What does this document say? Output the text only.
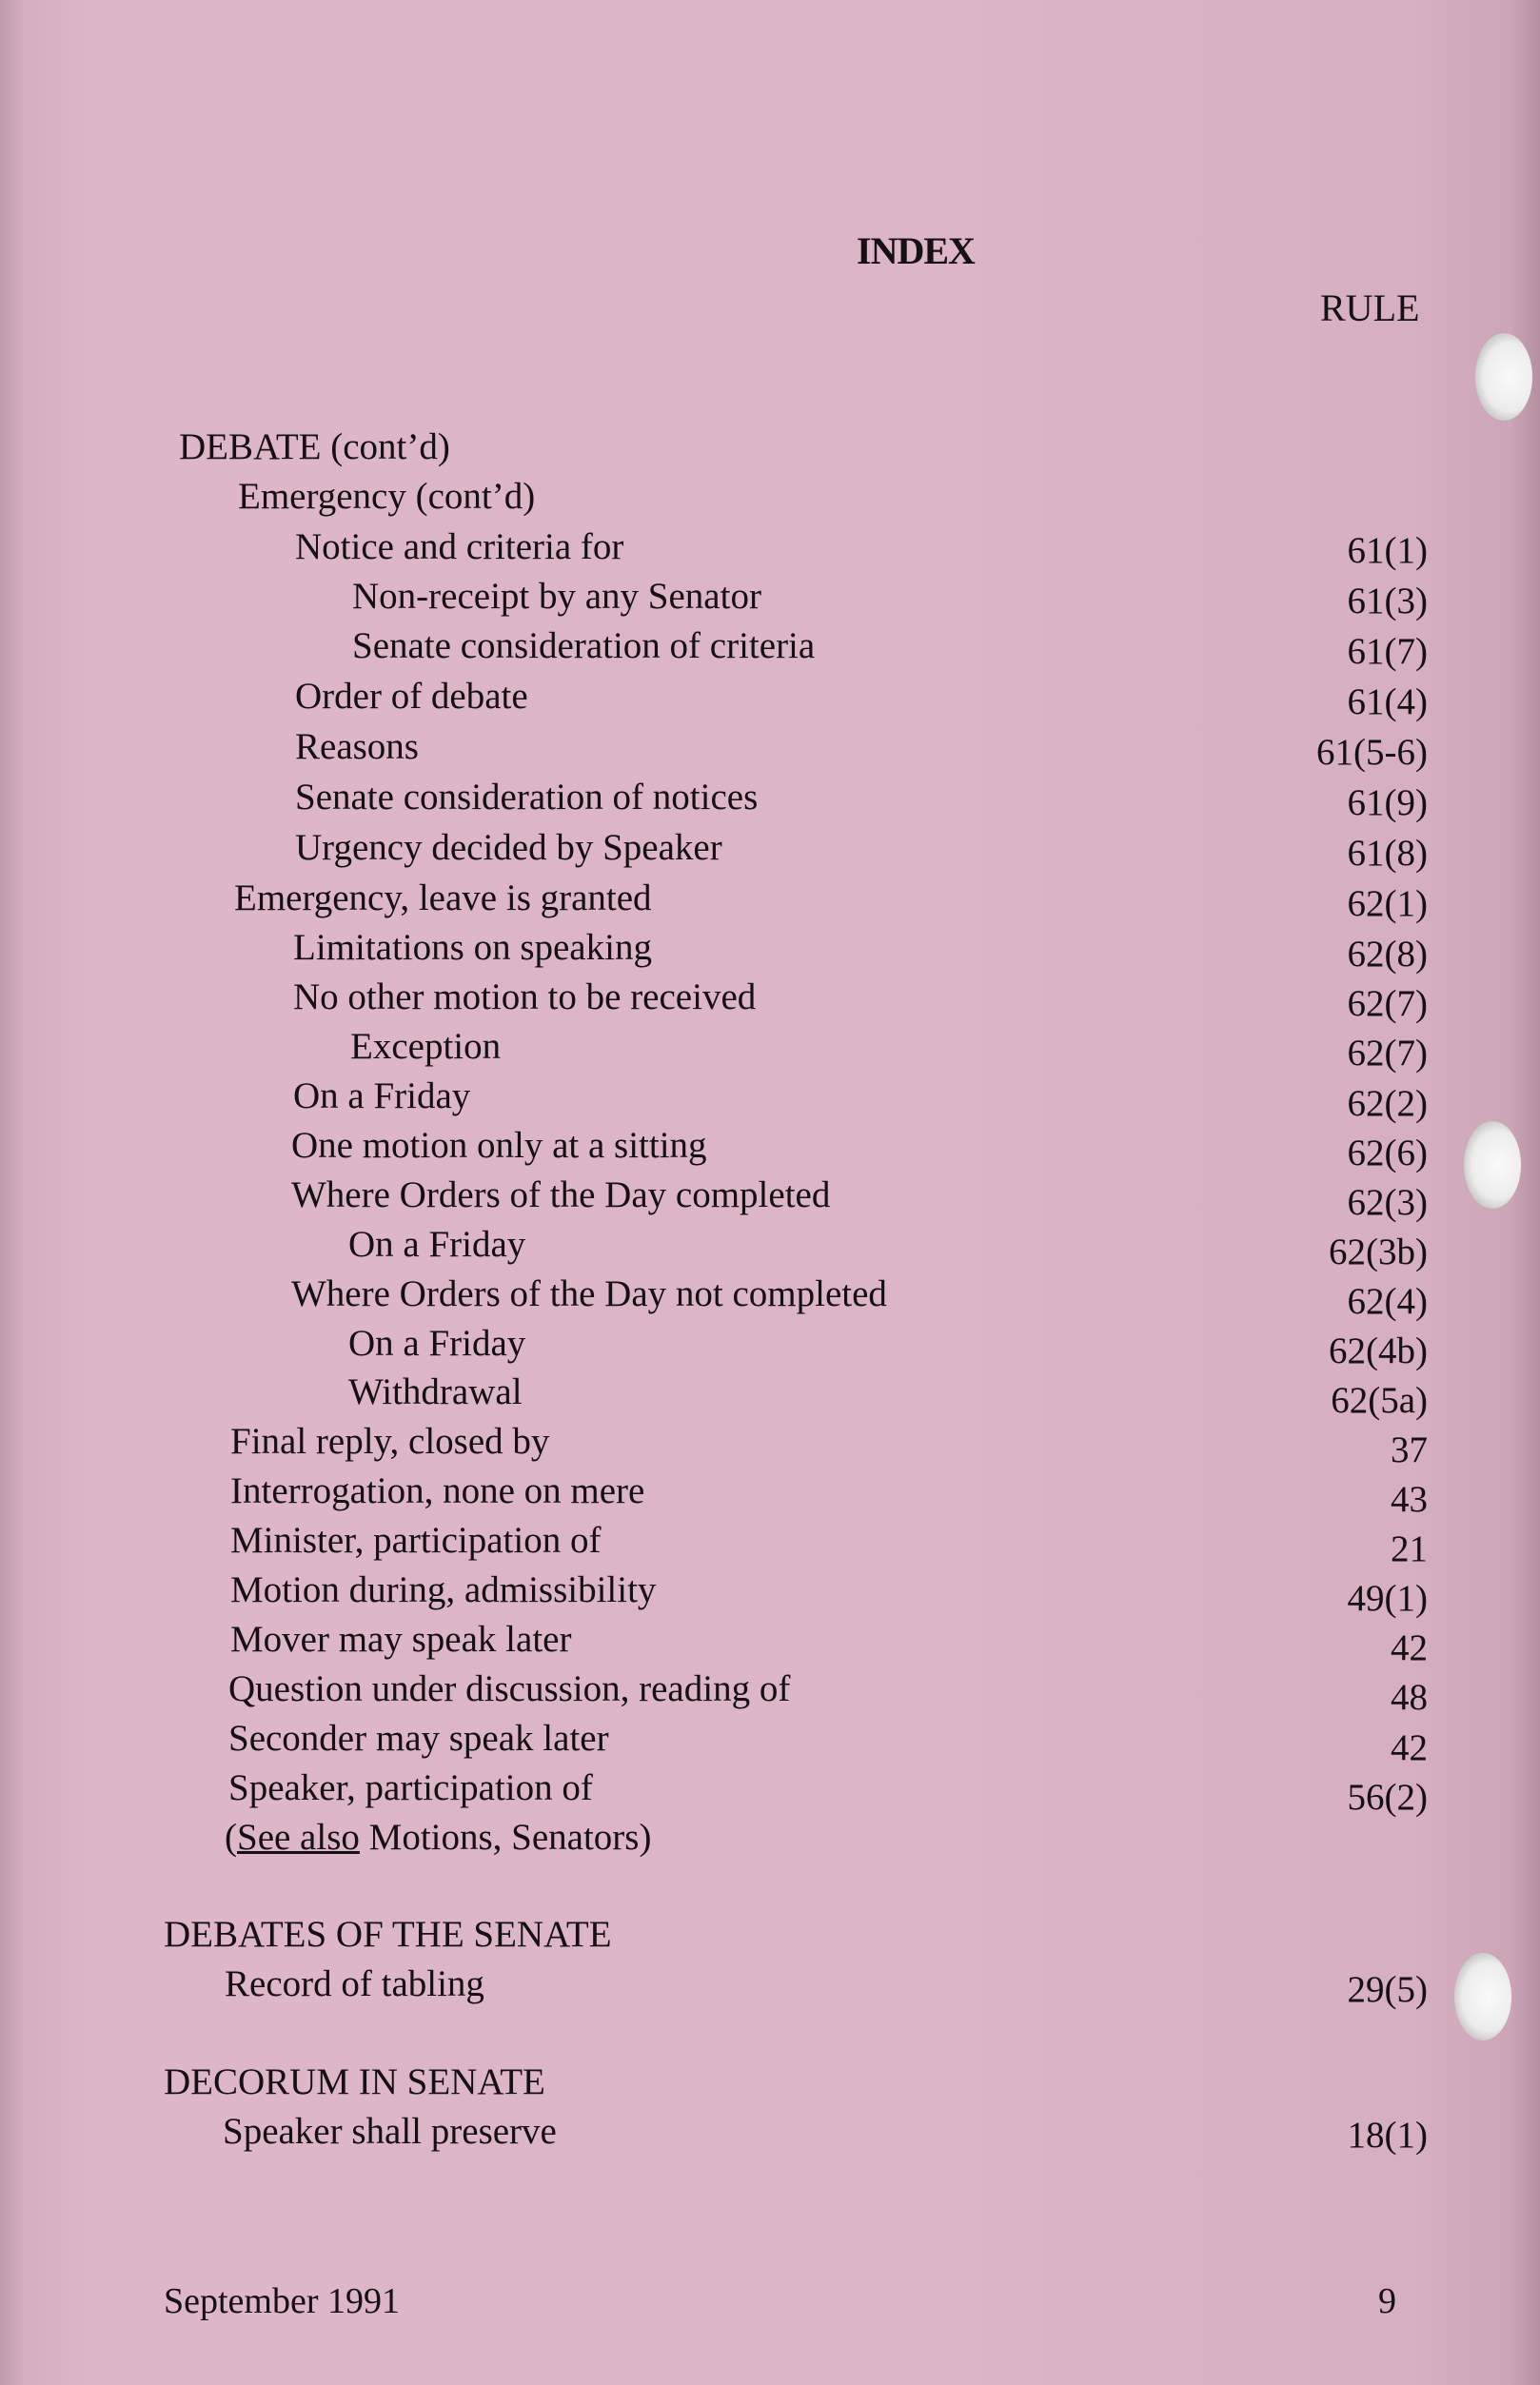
INDEX
RULE
DEBATE (cont’d)
Emergency (cont’d)
Notice and criteria for	61(1)
Non-receipt by any Senator	61(3)
Senate consideration of criteria	61(7)
Order of debate	61(4)
Reasons	61(5-6)
Senate consideration of notices	61(9)
Urgency decided by Speaker	61(8)
Emergency, leave is granted	62(1)
Limitations on speaking	62(8)
No other motion to be received	62(7)
Exception	62(7)
On a Friday	62(2)
One motion only at a sitting	62(6)
Where Orders of the Day completed	62(3)
On a Friday	62(3b)
Where Orders of the Day not completed	62(4)
On a Friday	62(4b)
Withdrawal	62(5a)
Final reply, closed by	37
Interrogation, none on mere	43
Minister, participation of	21
Motion during, admissibility	49(1)
Mover may speak later	42
Question under discussion, reading of	48
Seconder may speak later	42
Speaker, participation of	56(2)
(See also Motions, Senators)
DEBATES OF THE SENATE
Record of tabling	29(5)
DECORUM IN SENATE
Speaker shall preserve	18(1)
September 1991	9
